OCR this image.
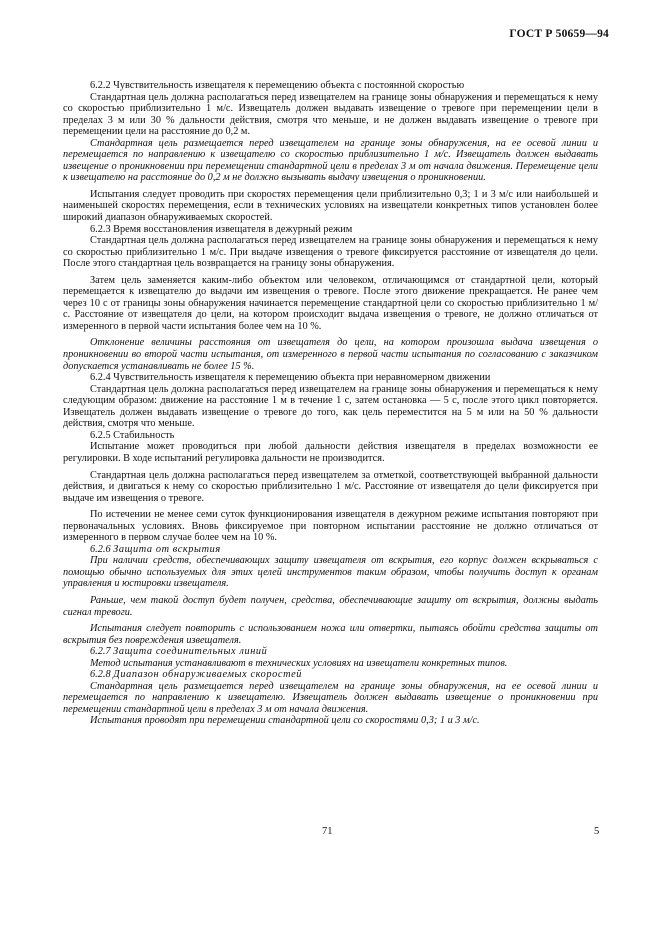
ГОСТ Р 50659—94

6.2.2 Чувствительность извещателя к перемещению объекта с постоянной скоростью

Стандартная цель должна располагаться перед извещателем на границе зоны обнаружения и перемещаться к нему со скоростью приблизительно 1 м/с. Извещатель должен выдавать извещение о тревоге при перемещении цели в пределах 3 м или 30 % дальности действия, смотря что меньше, и не должен выдавать извещение о тревоге при перемещении цели на расстояние до 0,2 м.

Стандартная цель размещается перед извещателем на границе зоны обнаружения, на ее осевой линии и перемещается по направлению к извещателю со скоростью приблизительно 1 м/с. Извещатель должен выдавать извещение о проникновении при перемещении стандартной цели в пределах 3 м от начала движения. Перемещение цели к извещателю на расстояние до 0,2 м не должно вызывать выдачу извещения о проникновении.

Испытания следует проводить при скоростях перемещения цели приблизительно 0,3; 1 и 3 м/с или наибольшей и наименьшей скоростях перемещения, если в технических условиях на извещатели конкретных типов установлен более широкий диапазон обнаруживаемых скоростей.

6.2.3 Время восстановления извещателя в дежурный режим

Стандартная цель должна располагаться перед извещателем на границе зоны обнаружения и перемещаться к нему со скоростью приблизительно 1 м/с. При выдаче извещения о тревоге фиксируется расстояние от извещателя до цели. После этого стандартная цель возвращается на границу зоны обнаружения.

Затем цель заменяется каким-либо объектом или человеком, отличающимся от стандартной цели, который перемещается к извещателю до выдачи им извещения о тревоге. После этого движение прекращается. Не ранее чем через 10 с от границы зоны обнаружения начинается перемещение стандартной цели со скоростью приблизительно 1 м/с. Расстояние от извещателя до цели, на котором происходит выдача извещения о тревоге, не должно отличаться от измеренного в первой части испытания более чем на 10 %.

Отклонение величины расстояния от извещателя до цели, на котором произошла выдача извещения о проникновении во второй части испытания, от измеренного в первой части испытания по согласованию с заказчиком допускается устанавливать не более 15 %.

6.2.4 Чувствительность извещателя к перемещению объекта при неравномерном движении

Стандартная цель должна располагаться перед извещателем на границе зоны обнаружения и перемещаться к нему следующим образом: движение на расстояние 1 м в течение 1 с, затем остановка — 5 с, после этого цикл повторяется. Извещатель должен выдавать извещение о тревоге до того, как цель переместится на 5 м или на 50 % дальности действия, смотря что меньше.

6.2.5 Стабильность

Испытание может проводиться при любой дальности действия извещателя в пределах возможности ее регулировки. В ходе испытаний регулировка дальности не производится.

Стандартная цель должна располагаться перед извещателем за отметкой, соответствующей выбранной дальности действия, и двигаться к нему со скоростью приблизительно 1 м/с. Расстояние от извещателя до цели фиксируется при выдаче им извещения о тревоге.

По истечении не менее семи суток функционирования извещателя в дежурном режиме испытания повторяют при первоначальных условиях. Вновь фиксируемое при повторном испытании расстояние не должно отличаться от измеренного в первом случае более чем на 10 %.

6.2.6 Защита от вскрытия

При наличии средств, обеспечивающих защиту извещателя от вскрытия, его корпус должен вскрываться с помощью обычно используемых для этих целей инструментов таким образом, чтобы получить доступ к органам управления и юстировки извещателя.

Раньше, чем такой доступ будет получен, средства, обеспечивающие защиту от вскрытия, должны выдать сигнал тревоги.

Испытания следует повторить с использованием ножа или отвертки, пытаясь обойти средства защиты от вскрытия без повреждения извещателя.

6.2.7 Защита соединительных линий

Метод испытания устанавливают в технических условиях на извещатели конкретных типов.

6.2.8 Диапазон обнаруживаемых скоростей

Стандартная цель размещается перед извещателем на границе зоны обнаружения, на ее осевой линии и перемещается по направлению к извещателю. Извещатель должен выдавать извещение о проникновении при перемещении стандартной цели в пределах 3 м от начала движения.

Испытания проводят при перемещении стандартной цели со скоростями 0,3; 1 и 3 м/с.

71	5
